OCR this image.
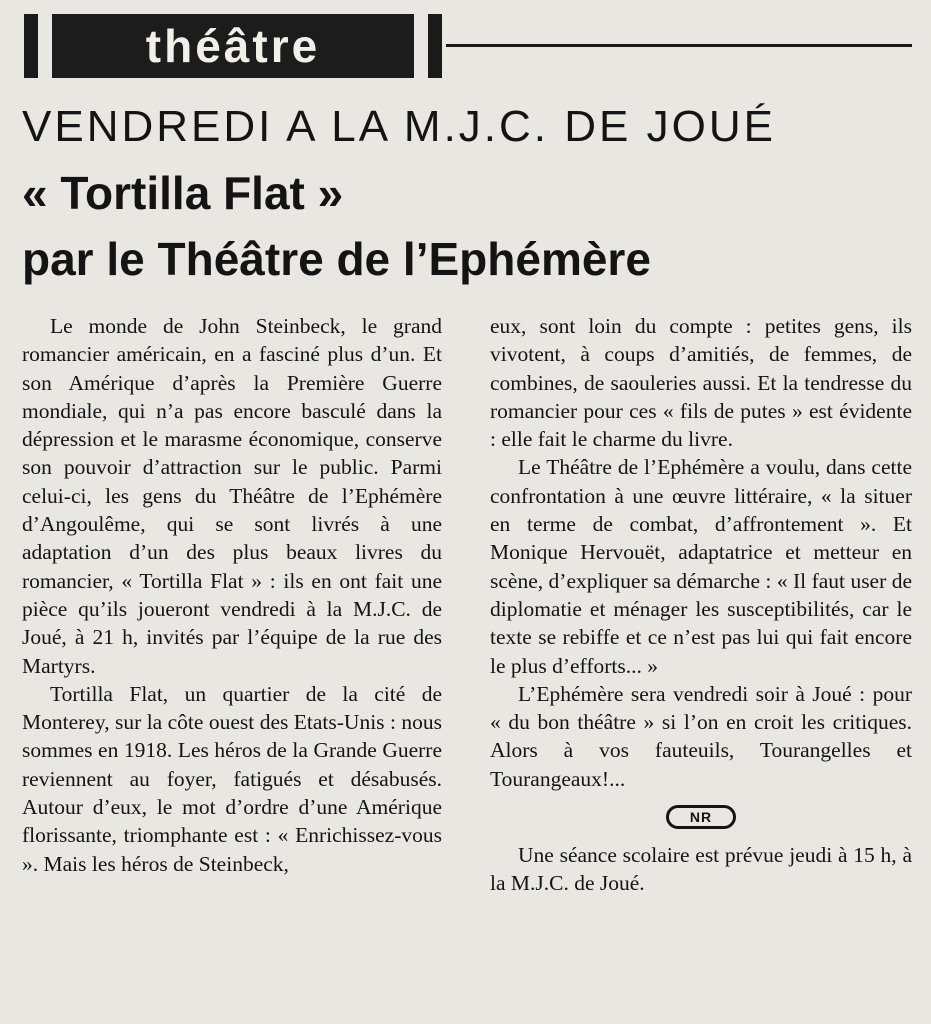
théâtre
VENDREDI A LA M.J.C. DE JOUÉ
« Tortilla Flat »
par le Théâtre de l’Ephémère

Le monde de John Steinbeck, le grand romancier américain, en a fasciné plus d’un. Et son Amérique d’après la Première Guerre mondiale, qui n’a pas encore basculé dans la dépression et le marasme économique, conserve son pouvoir d’attraction sur le public. Parmi celui-ci, les gens du Théâtre de l’Ephémère d’Angoulême, qui se sont livrés à une adaptation d’un des plus beaux livres du romancier, « Tortilla Flat » : ils en ont fait une pièce qu’ils joueront vendredi à la M.J.C. de Joué, à 21 h, invités par l’équipe de la rue des Martyrs.

Tortilla Flat, un quartier de la cité de Monterey, sur la côte ouest des Etats-Unis : nous sommes en 1918. Les héros de la Grande Guerre reviennent au foyer, fatigués et désabusés. Autour d’eux, le mot d’ordre d’une Amérique florissante, triomphante est : « Enrichissez-vous ». Mais les héros de Steinbeck,

eux, sont loin du compte : petites gens, ils vivotent, à coups d’amitiés, de femmes, de combines, de saouleries aussi. Et la tendresse du romancier pour ces « fils de putes » est évidente : elle fait le charme du livre.

Le Théâtre de l’Ephémère a voulu, dans cette confrontation à une œuvre littéraire, « la situer en terme de combat, d’affrontement ». Et Monique Hervouët, adaptatrice et metteur en scène, d’expliquer sa démarche : « Il faut user de diplomatie et ménager les susceptibilités, car le texte se rebiffe et ce n’est pas lui qui fait encore le plus d’efforts... »

L’Ephémère sera vendredi soir à Joué : pour « du bon théâtre » si l’on en croit les critiques. Alors à vos fauteuils, Tourangelles et Tourangeaux!...

NR

Une séance scolaire est prévue jeudi à 15 h, à la M.J.C. de Joué.
